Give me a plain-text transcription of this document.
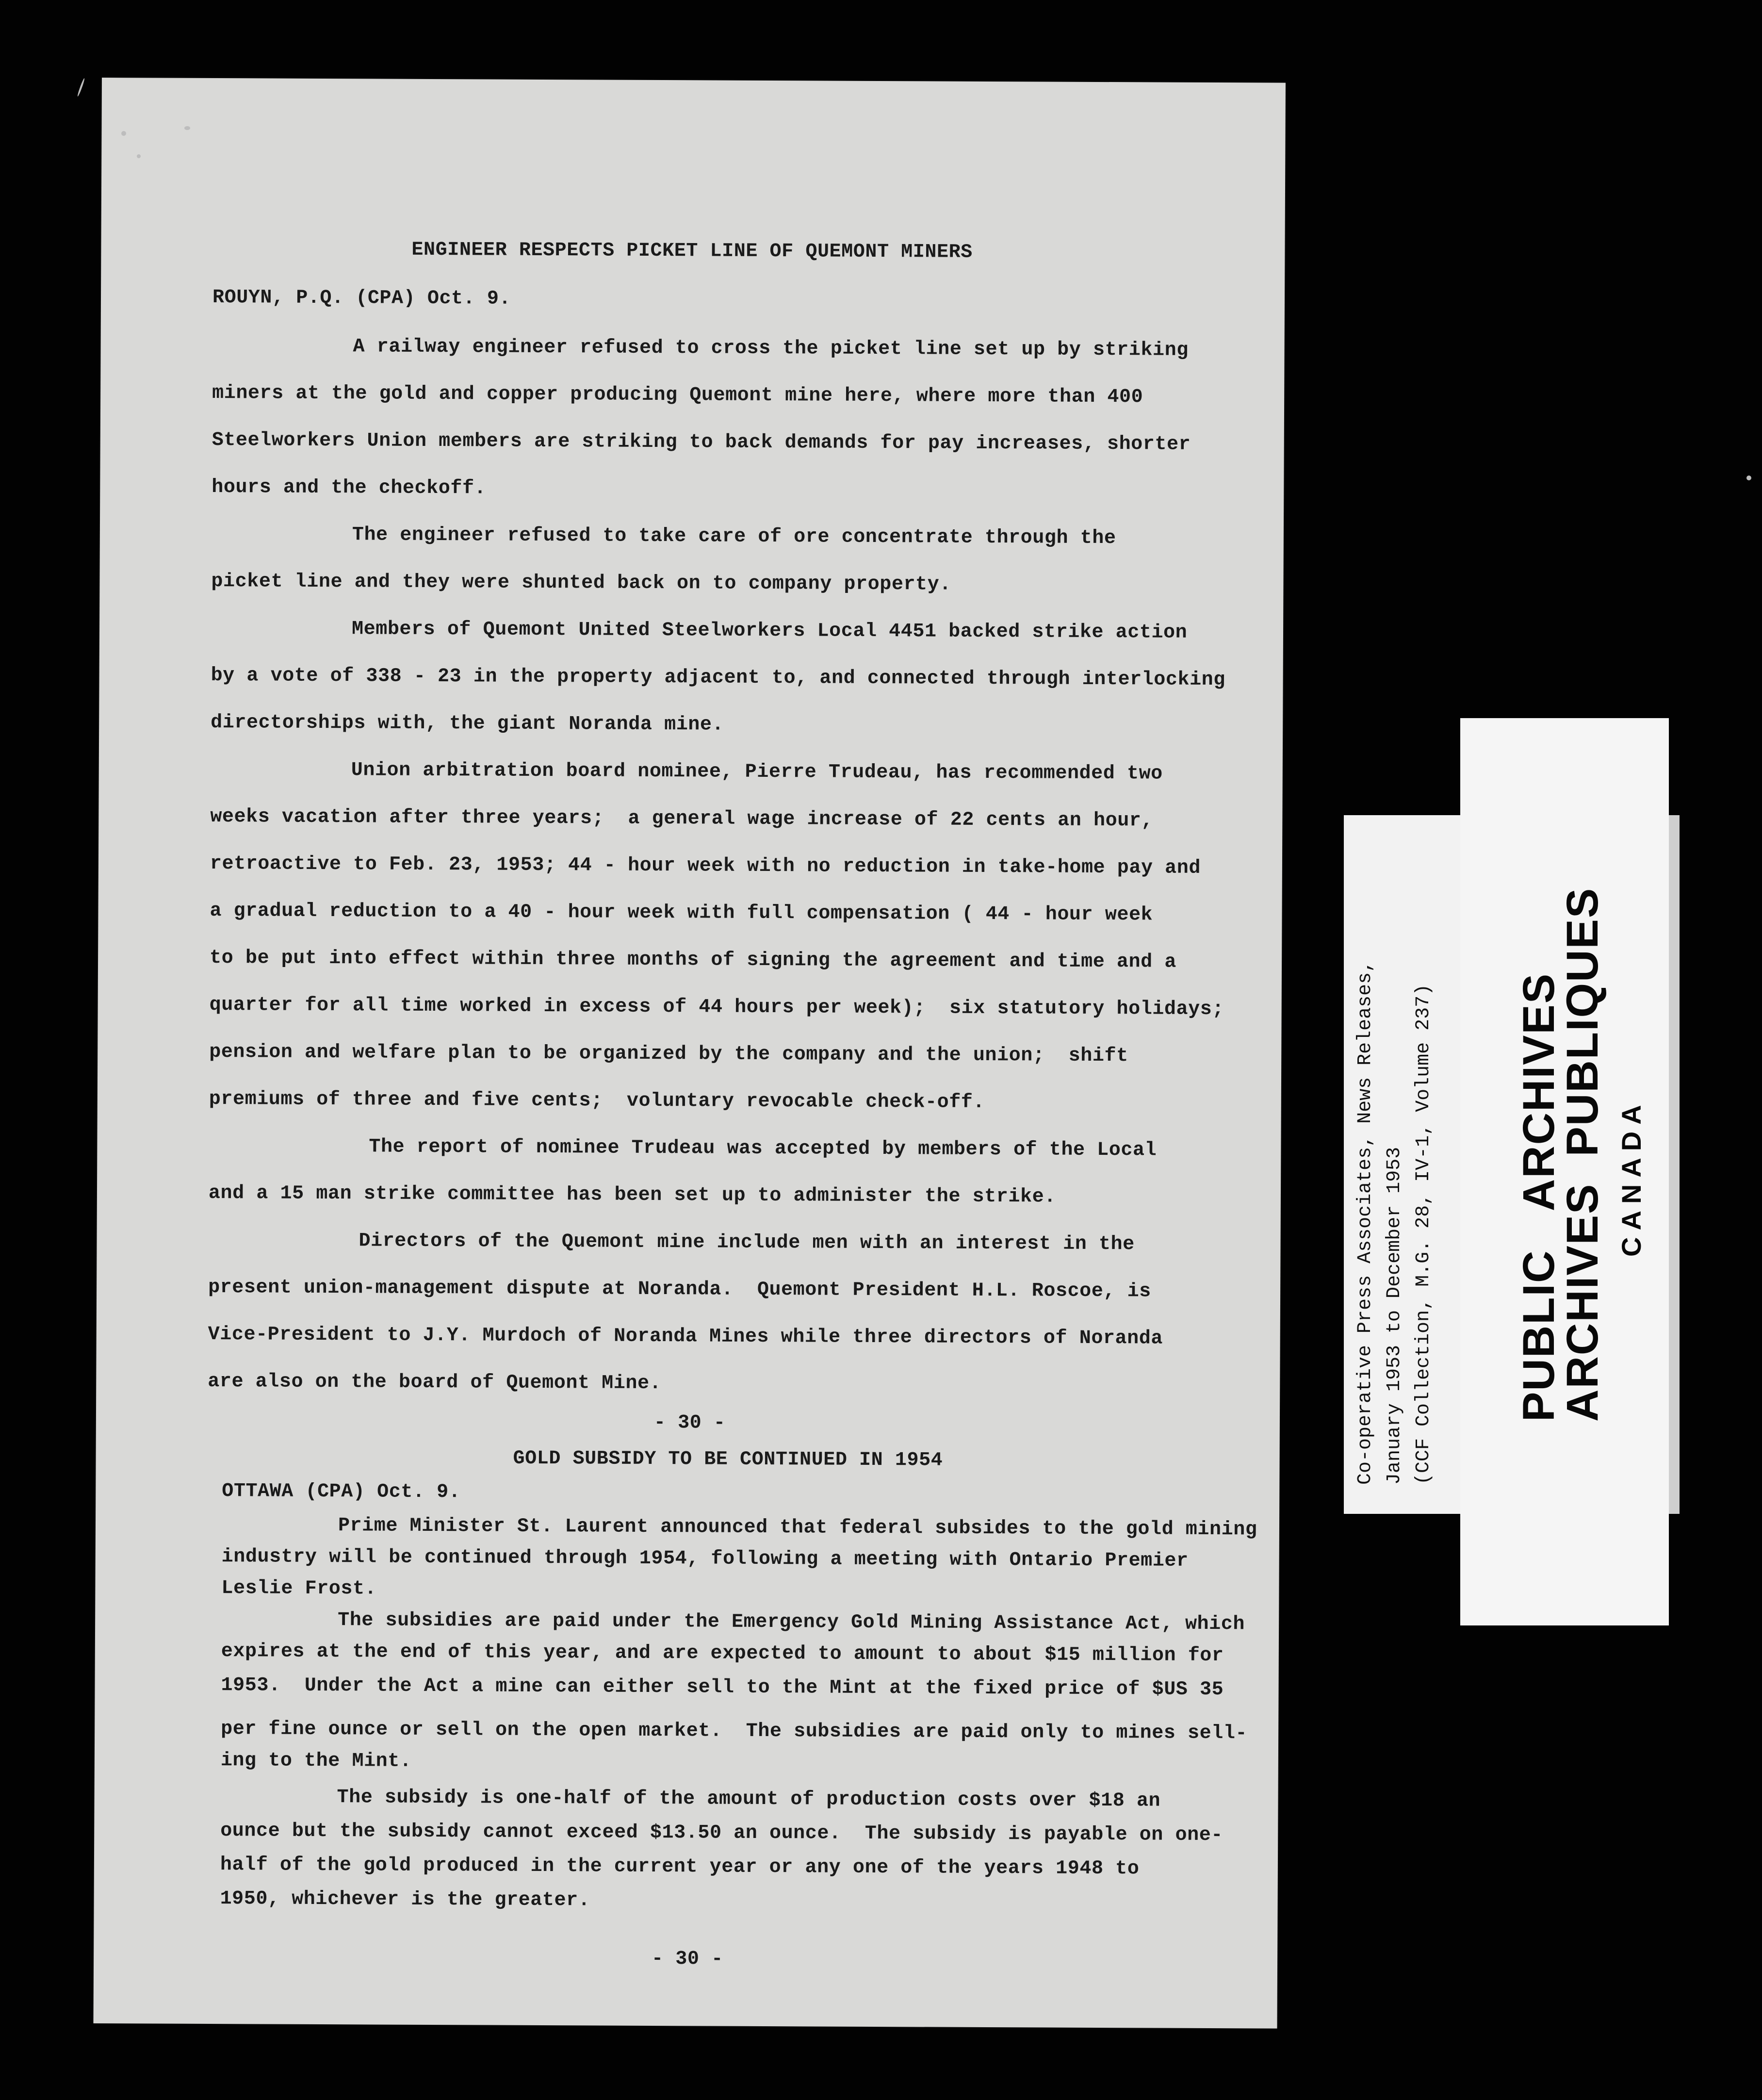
ENGINEER RESPECTS PICKET LINE OF QUEMONT MINERS

ROUYN, P.Q. (CPA) Oct. 9.

A railway engineer refused to cross the picket line set up by striking

miners at the gold and copper producing Quemont mine here, where more than 400

Steelworkers Union members are striking to back demands for pay increases, shorter

hours and the checkoff.

The engineer refused to take care of ore concentrate through the

picket line and they were shunted back on to company property.

Members of Quemont United Steelworkers Local 4451 backed strike action

by a vote of 338 - 23 in the property adjacent to, and connected through interlocking

directorships with, the giant Noranda mine.

Union arbitration board nominee, Pierre Trudeau, has recommended two

weeks vacation after three years;  a general wage increase of 22 cents an hour,

retroactive to Feb. 23, 1953; 44 - hour week with no reduction in take-home pay and

a gradual reduction to a 40 - hour week with full compensation ( 44 - hour week

to be put into effect within three months of signing the agreement and time and a

quarter for all time worked in excess of 44 hours per week);  six statutory holidays;

pension and welfare plan to be organized by the company and the union;  shift

premiums of three and five cents;  voluntary revocable check-off.

The report of nominee Trudeau was accepted by members of the Local

and a 15 man strike committee has been set up to administer the strike.

Directors of the Quemont mine include men with an interest in the

present union-management dispute at Noranda.  Quemont President H.L. Roscoe, is

Vice-President to J.Y. Murdoch of Noranda Mines while three directors of Noranda

are also on the board of Quemont Mine.

- 30 -

GOLD SUBSIDY TO BE CONTINUED IN 1954

OTTAWA (CPA) Oct. 9.

Prime Minister St. Laurent announced that federal subsides to the gold mining

industry will be continued through 1954, following a meeting with Ontario Premier

Leslie Frost.

The subsidies are paid under the Emergency Gold Mining Assistance Act, which

expires at the end of this year, and are expected to amount to about $15 million for

1953.  Under the Act a mine can either sell to the Mint at the fixed price of $US 35

per fine ounce or sell on the open market.  The subsidies are paid only to mines sell-

ing to the Mint.

The subsidy is one-half of the amount of production costs over $18 an

ounce but the subsidy cannot exceed $13.50 an ounce.  The subsidy is payable on one-

half of the gold produced in the current year or any one of the years 1948 to

1950, whichever is the greater.

- 30 -

Co-operative Press Associates, News Releases, January 1953 to December 1953 (CCF Collection, M.G. 28, IV-1, Volume 237) PUBLIC   ARCHIVES

ARCHIVES  PUBLIQUES CANADA
